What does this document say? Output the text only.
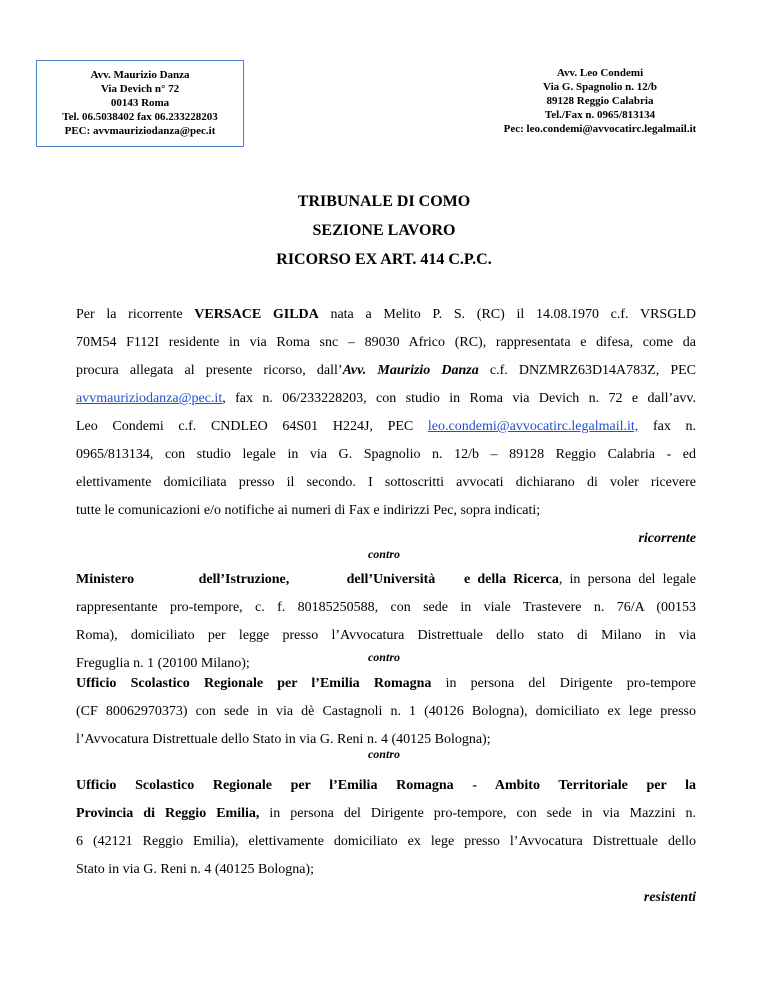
Avv. Maurizio Danza
Via Devich n° 72
00143 Roma
Tel. 06.5038402 fax 06.233228203
PEC: avvmauriziodanza@pec.it
Avv. Leo Condemi
Via G. Spagnolio n. 12/b
89128 Reggio Calabria
Tel./Fax n. 0965/813134
Pec: leo.condemi@avvocatirc.legalmail.it
TRIBUNALE DI COMO
SEZIONE LAVORO
RICORSO EX ART. 414 C.P.C.
Per la ricorrente VERSACE GILDA nata a Melito P. S. (RC) il 14.08.1970 c.f. VRSGLD
70M54 F112I residente in via Roma snc – 89030 Africo (RC), rappresentata e difesa, come da
procura allegata al presente ricorso, dall’Avv. Maurizio Danza c.f. DNZMRZ63D14A783Z, PEC
avvmauriziodanza@pec.it, fax n. 06/233228203, con studio in Roma via Devich n. 72 e dall’avv.
Leo Condemi c.f. CNDLEO 64S01 H224J, PEC leo.condemi@avvocatirc.legalmail.it, fax n.
0965/813134, con studio legale in via G. Spagnolio n. 12/b – 89128 Reggio Calabria - ed
elettivamente domiciliata presso il secondo. I sottoscritti avvocati dichiarano di voler ricevere
tutte le comunicazioni e/o notifiche ai numeri di Fax e indirizzi Pec, sopra indicati;
ricorrente
contro
Ministero	dell’Istruzione,	dell’Università e della Ricerca, in persona del legale
rappresentante pro-tempore, c. f. 80185250588, con sede in viale Trastevere n. 76/A (00153
Roma), domiciliato per legge presso l’Avvocatura Distrettuale dello stato di Milano in via
Freguglia n. 1 (20100 Milano);	contro
Ufficio Scolastico Regionale per l’Emilia Romagna in persona del Dirigente pro-tempore
(CF 80062970373) con sede in via dè Castagnoli n. 1 (40126 Bologna), domiciliato ex lege presso
l’Avvocatura Distrettuale dello Stato in via G. Reni n. 4 (40125 Bologna);
contro
Ufficio Scolastico Regionale per l’Emilia Romagna - Ambito Territoriale per la
Provincia di Reggio Emilia, in persona del Dirigente pro-tempore, con sede in via Mazzini n.
6 (42121 Reggio Emilia), elettivamente domiciliato ex lege presso l’Avvocatura Distrettuale dello
Stato in via G. Reni n. 4 (40125 Bologna);
resistenti
